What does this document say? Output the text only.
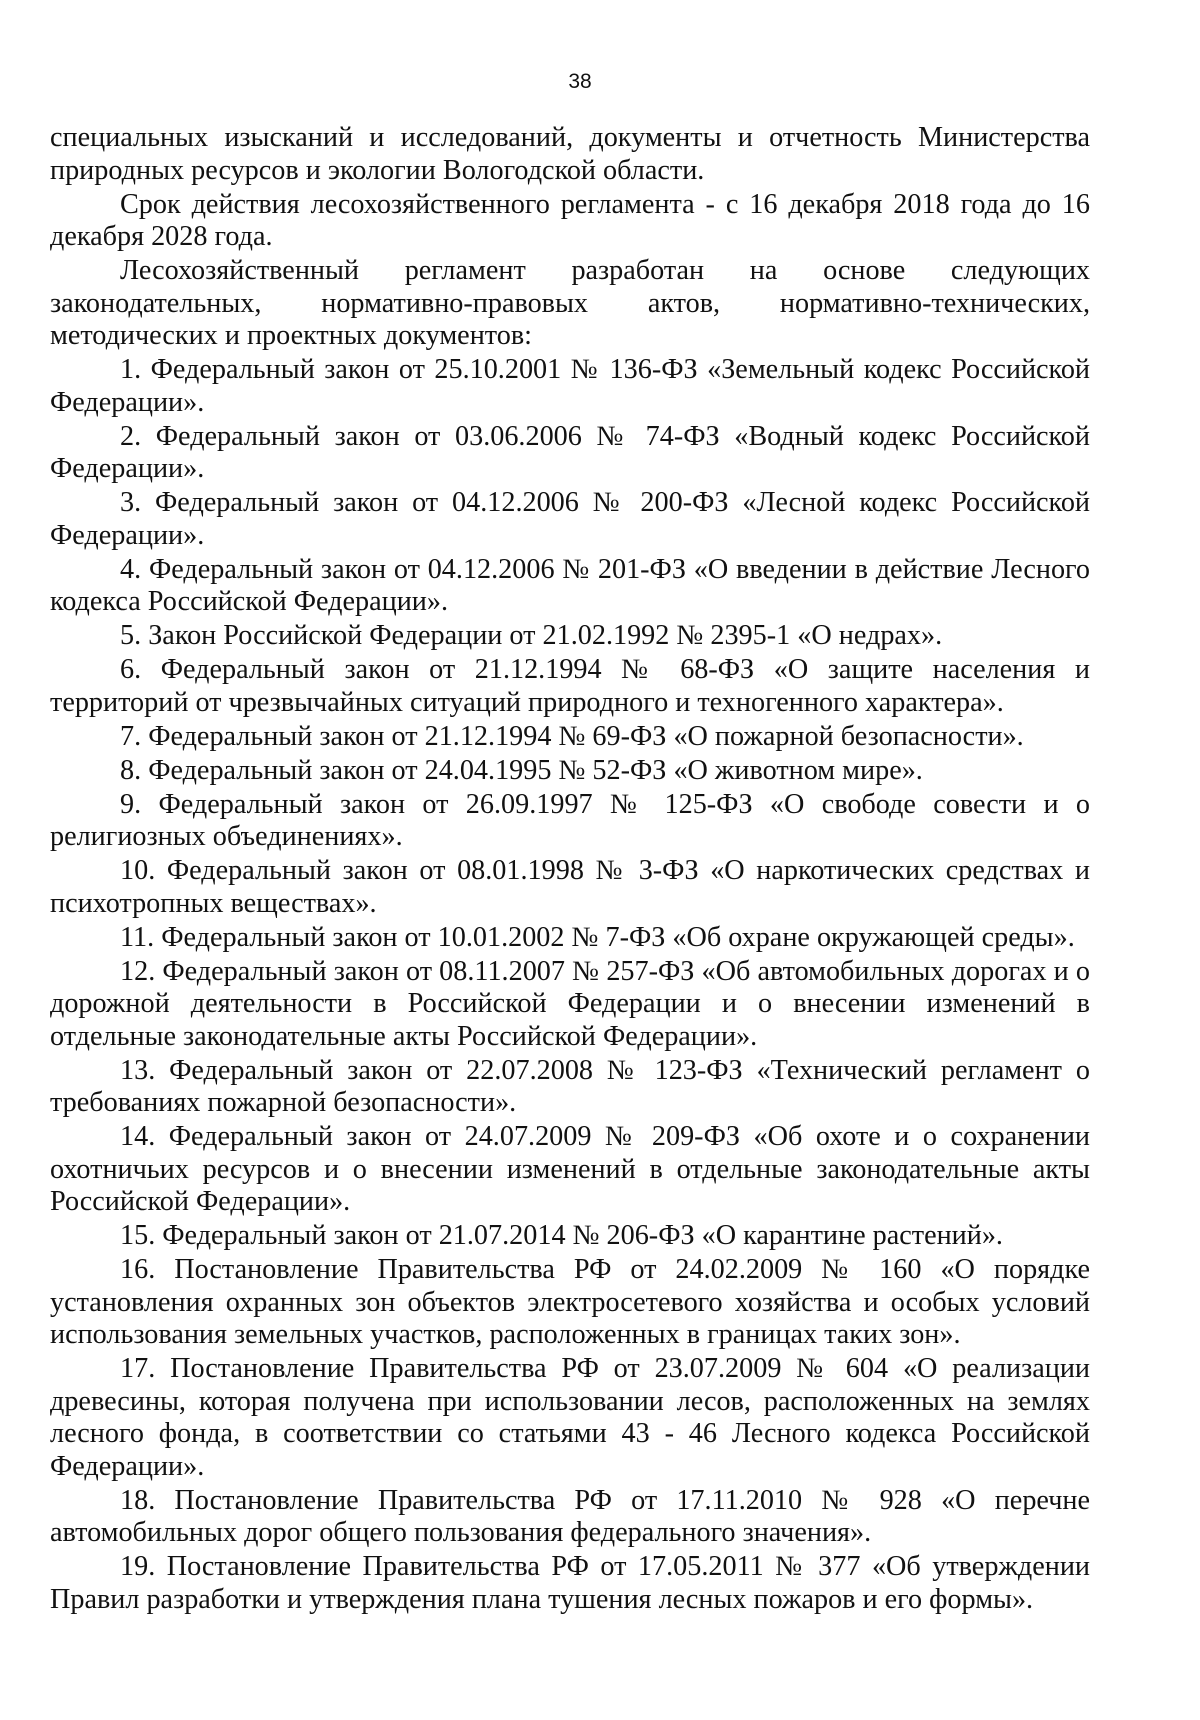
38

специальных изысканий и исследований, документы и отчетность Министерства природных ресурсов и экологии Вологодской области.

Срок действия лесохозяйственного регламента - с 16 декабря 2018 года до 16 декабря 2028 года.

Лесохозяйственный регламент разработан на основе следующих законодательных, нормативно-правовых актов, нормативно-технических, методических и проектных документов:

1. Федеральный закон от 25.10.2001 № 136-ФЗ «Земельный кодекс Российской Федерации».

2. Федеральный закон от 03.06.2006 № 74-ФЗ «Водный кодекс Российской Федерации».

3. Федеральный закон от 04.12.2006 № 200-ФЗ «Лесной кодекс Российской Федерации».

4. Федеральный закон от 04.12.2006 № 201-ФЗ «О введении в действие Лесного кодекса Российской Федерации».

5. Закон Российской Федерации от 21.02.1992 № 2395-1 «О недрах».

6. Федеральный закон от 21.12.1994 № 68-ФЗ «О защите населения и территорий от чрезвычайных ситуаций природного и техногенного характера».

7. Федеральный закон от 21.12.1994 № 69-ФЗ «О пожарной безопасности».

8. Федеральный закон от 24.04.1995 № 52-ФЗ «О животном мире».

9. Федеральный закон от 26.09.1997 № 125-ФЗ «О свободе совести и о религиозных объединениях».

10. Федеральный закон от 08.01.1998 № 3-ФЗ «О наркотических средствах и психотропных веществах».

11. Федеральный закон от 10.01.2002 № 7-ФЗ «Об охране окружающей среды».

12. Федеральный закон от 08.11.2007 № 257-ФЗ «Об автомобильных дорогах и о дорожной деятельности в Российской Федерации и о внесении изменений в отдельные законодательные акты Российской Федерации».

13. Федеральный закон от 22.07.2008 № 123-ФЗ «Технический регламент о требованиях пожарной безопасности».

14. Федеральный закон от 24.07.2009 № 209-ФЗ «Об охоте и о сохранении охотничьих ресурсов и о внесении изменений в отдельные законодательные акты Российской Федерации».

15. Федеральный закон от 21.07.2014 № 206-ФЗ «О карантине растений».

16. Постановление Правительства РФ от 24.02.2009 № 160 «О порядке установления охранных зон объектов электросетевого хозяйства и особых условий использования земельных участков, расположенных в границах таких зон».

17. Постановление Правительства РФ от 23.07.2009 № 604 «О реализации древесины, которая получена при использовании лесов, расположенных на землях лесного фонда, в соответствии со статьями 43 - 46 Лесного кодекса Российской Федерации».

18. Постановление Правительства РФ от 17.11.2010 № 928 «О перечне автомобильных дорог общего пользования федерального значения».

19. Постановление Правительства РФ от 17.05.2011 № 377 «Об утверждении Правил разработки и утверждения плана тушения лесных пожаров и его формы».
